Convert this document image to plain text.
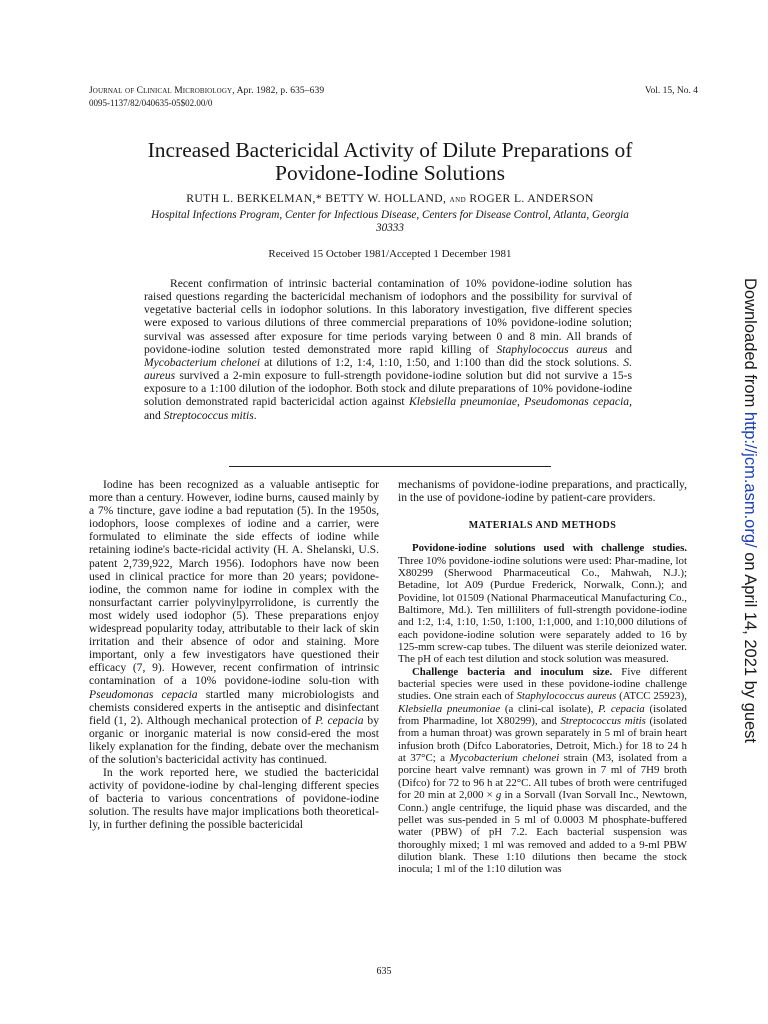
Journal of Clinical Microbiology, Apr. 1982, p. 635–639	Vol. 15, No. 4
0095-1137/82/040635-05$02.00/0
Increased Bactericidal Activity of Dilute Preparations of
Povidone-Iodine Solutions
RUTH L. BERKELMAN,* BETTY W. HOLLAND, and ROGER L. ANDERSON
Hospital Infections Program, Center for Infectious Disease, Centers for Disease Control, Atlanta, Georgia
30333
Received 15 October 1981/Accepted 1 December 1981

Recent confirmation of intrinsic bacterial contamination of 10% povidone-iodine solution has raised questions regarding the bactericidal mechanism of iodophors and the possibility for survival of vegetative bacterial cells in iodophor solutions. In this laboratory investigation, five different species were exposed to various dilutions of three commercial preparations of 10% povidone-iodine solution; survival was assessed after exposure for time periods varying between 0 and 8 min. All brands of povidone-iodine solution tested demonstrated more rapid killing of Staphylococcus aureus and Mycobacterium chelonei at dilutions of 1:2, 1:4, 1:10, 1:50, and 1:100 than did the stock solutions. S. aureus survived a 2-min exposure to full-strength povidone-iodine solution but did not survive a 15-s exposure to a 1:100 dilution of the iodophor. Both stock and dilute preparations of 10% povidone-iodine solution demonstrated rapid bactericidal action against Klebsiella pneumoniae, Pseudomonas cepacia, and Streptococcus mitis.

Iodine has been recognized as a valuable antiseptic for more than a century. However, iodine burns, caused mainly by a 7% tincture, gave iodine a bad reputation (5). In the 1950s, iodophors, loose complexes of iodine and a carrier, were formulated to eliminate the side effects of iodine while retaining iodine's bacte-ricidal activity (H. A. Shelanski, U.S. patent 2,739,922, March 1956). Iodophors have now been used in clinical practice for more than 20 years; povidone-iodine, the common name for iodine in complex with the nonsurfactant carrier polyvinylpyrrolidone, is currently the most widely used iodophor (5). These preparations enjoy widespread popularity today, attributable to their lack of skin irritation and their absence of odor and staining. More important, only a few investigators have questioned their efficacy (7, 9). However, recent confirmation of intrinsic contamination of a 10% povidone-iodine solu-tion with Pseudomonas cepacia startled many microbiologists and chemists considered experts in the antiseptic and disinfectant field (1, 2). Although mechanical protection of P. cepacia by organic or inorganic material is now consid-ered the most likely explanation for the finding, debate over the mechanism of the solution's bactericidal activity has continued.

In the work reported here, we studied the bactericidal activity of povidone-iodine by chal-lenging different species of bacteria to various concentrations of povidone-iodine solution. The results have major implications both theoretical-ly, in further defining the possible bactericidal

mechanisms of povidone-iodine preparations, and practically, in the use of povidone-iodine by patient-care providers.

MATERIALS AND METHODS

Povidone-iodine solutions used with challenge studies. Three 10% povidone-iodine solutions were used: Phar-madine, lot X80299 (Sherwood Pharmaceutical Co., Mahwah, N.J.); Betadine, lot A09 (Purdue Frederick, Norwalk, Conn.); and Povidine, lot 01509 (National Pharmaceutical Manufacturing Co., Baltimore, Md.). Ten milliliters of full-strength povidone-iodine and 1:2, 1:4, 1:10, 1:50, 1:100, 1:1,000, and 1:10,000 dilutions of each povidone-iodine solution were separately added to 16 by 125-mm screw-cap tubes. The diluent was sterile deionized water. The pH of each test dilution and stock solution was measured.

Challenge bacteria and inoculum size. Five different bacterial species were used in these povidone-iodine challenge studies. One strain each of Staphylococcus aureus (ATCC 25923), Klebsiella pneumoniae (a clini-cal isolate), P. cepacia (isolated from Pharmadine, lot X80299), and Streptococcus mitis (isolated from a human throat) was grown separately in 5 ml of brain heart infusion broth (Difco Laboratories, Detroit, Mich.) for 18 to 24 h at 37°C; a Mycobacterium chelonei strain (M3, isolated from a porcine heart valve remnant) was grown in 7 ml of 7H9 broth (Difco) for 72 to 96 h at 22°C. All tubes of broth were centrifuged for 20 min at 2,000 × g in a Sorvall (Ivan Sorvall Inc., Newtown, Conn.) angle centrifuge, the liquid phase was discarded, and the pellet was sus-pended in 5 ml of 0.0003 M phosphate-buffered water (PBW) of pH 7.2. Each bacterial suspension was thoroughly mixed; 1 ml was removed and added to a 9-ml PBW dilution blank. These 1:10 dilutions then became the stock inocula; 1 ml of the 1:10 dilution was

635
Downloaded from http://jcm.asm.org/ on April 14, 2021 by guest
